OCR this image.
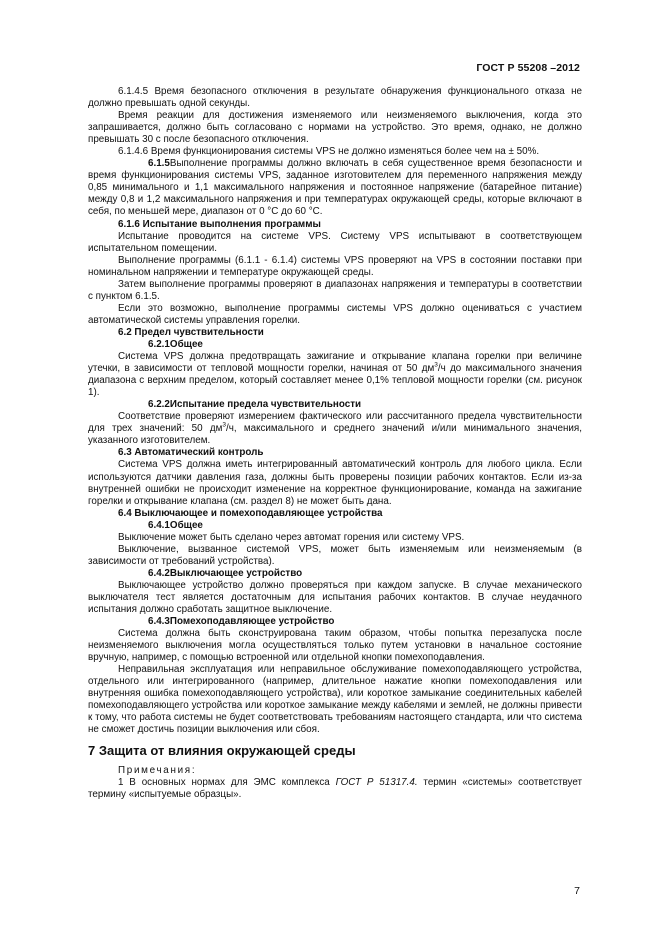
ГОСТ Р 55208 –2012

6.1.4.5 Время безопасного отключения в результате обнаружения функционального отказа не должно превышать одной секунды.

Время реакции для достижения изменяемого или неизменяемого выключения, когда это запрашивается, должно быть согласовано с нормами на устройство. Это время, однако, не должно превышать 30 с после безопасного отключения.

6.1.4.6 Время функционирования системы VPS не должно изменяться более чем на ± 50%.

6.1.5Выполнение программы должно включать в себя существенное время безопасности и время функционирования системы VPS, заданное изготовителем для переменного напряжения между 0,85 минимального и 1,1 максимального напряжения и постоянное напряжение (батарейное питание) между 0,8 и 1,2 максимального напряжения и при температурах окружающей среды, которые включают в себя, по меньшей мере, диапазон от 0 °С до 60 °С.

6.1.6 Испытание выполнения программы

Испытание проводится на системе VPS. Систему VPS испытывают в соответствующем испытательном помещении.

Выполнение программы (6.1.1 - 6.1.4) системы VPS проверяют на VPS в состоянии поставки при номинальном напряжении и температуре окружающей среды.

Затем выполнение программы проверяют в диапазонах напряжения и температуры в соответствии с пунктом 6.1.5.

Если это возможно, выполнение программы системы VPS должно оцениваться с участием автоматической системы управления горелки.

6.2 Предел чувствительности

6.2.1Общее

Система VPS должна предотвращать зажигание и открывание клапана горелки при величине утечки, в зависимости от тепловой мощности горелки, начиная от 50 $дм^3/ч$ до максимального значения диапазона с верхним пределом, который составляет менее 0,1% тепловой мощности горелки (см. рисунок 1).

6.2.2Испытание предела чувствительности

Соответствие проверяют измерением фактического или рассчитанного предела чувствительности для трех значений: 50 $дм^3/ч$, максимального и среднего значений и/или минимального значения, указанного изготовителем.

6.3 Автоматический контроль

Система VPS должна иметь интегрированный автоматический контроль для любого цикла. Если используются датчики давления газа, должны быть проверены позиции рабочих контактов. Если из-за внутренней ошибки не происходит изменение на корректное функционирование, команда на зажигание горелки и открывание клапана (см. раздел 8) не может быть дана.

6.4 Выключающее и помехоподавляющее устройства

6.4.1Общее

Выключение может быть сделано через автомат горения или систему VPS.

Выключение, вызванное системой VPS, может быть изменяемым или неизменяемым (в зависимости от требований устройства).

6.4.2Выключающее устройство

Выключающее устройство должно проверяться при каждом запуске. В случае механического выключателя тест является достаточным для испытания рабочих контактов. В случае неудачного испытания должно сработать защитное выключение.

6.4.3Помехоподавляющее устройство

Система должна быть сконструирована таким образом, чтобы попытка перезапуска после неизменяемого выключения могла осуществляться только путем установки в начальное состояние вручную, например, с помощью встроенной или отдельной кнопки помехоподавления.

Неправильная эксплуатация или неправильное обслуживание помехоподавляющего устройства, отдельного или интегрированного (например, длительное нажатие кнопки помехоподавления или внутренняя ошибка помехоподавляющего устройства), или короткое замыкание соединительных кабелей помехоподавляющего устройства или короткое замыкание между кабелями и землей, не должны привести к тому, что работа системы не будет соответствовать требованиям настоящего стандарта, или что система не сможет достичь позиции выключения или сбоя.

7 Защита от влияния окружающей среды

Примечания:

1 В основных нормах для ЭМС комплекса ГОСТ Р 51317.4. термин «системы» соответствует термину «испытуемые образцы».

7
